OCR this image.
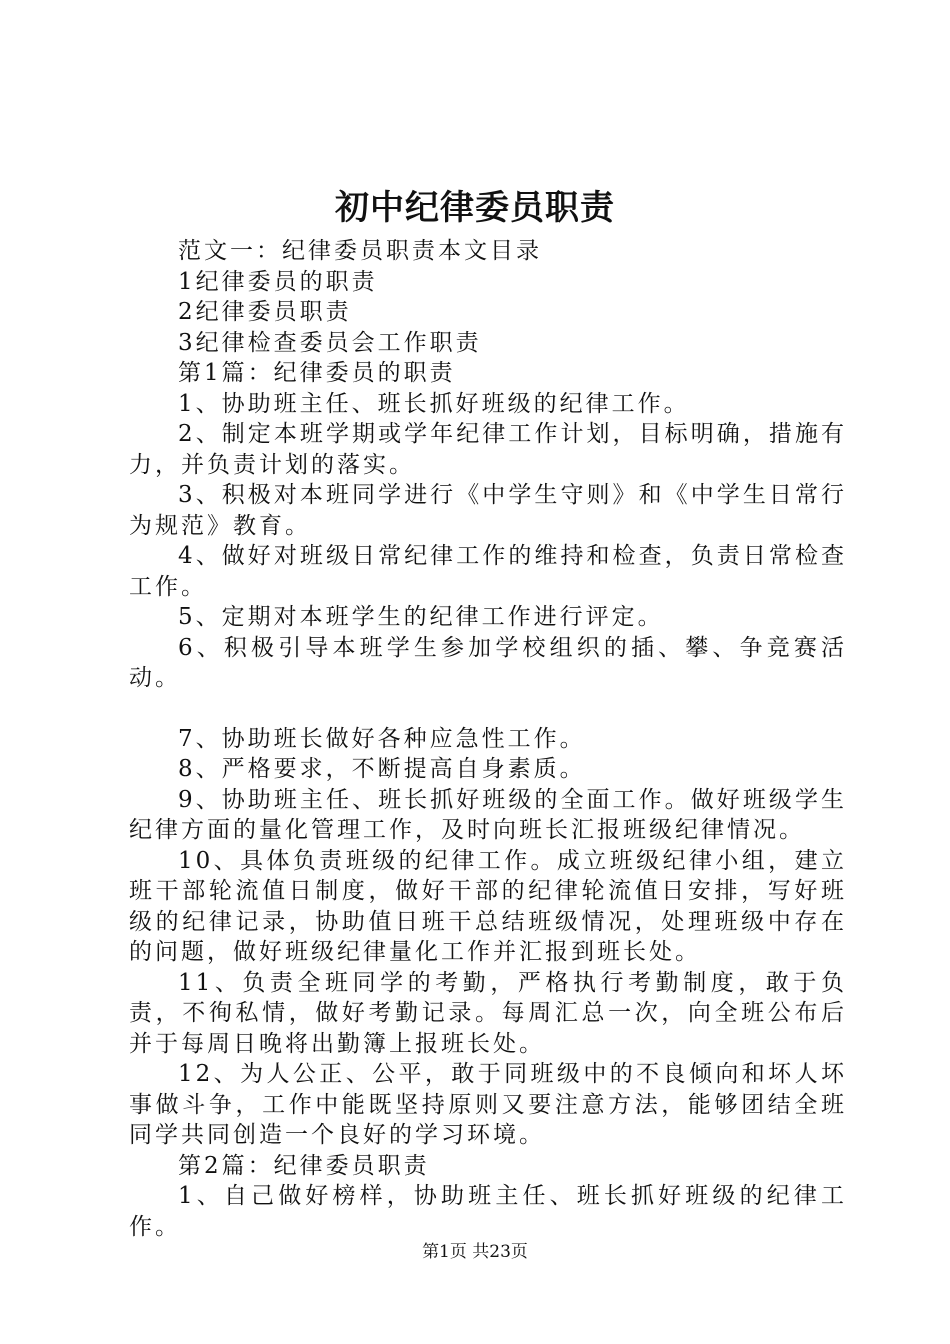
初中纪律委员职责

范文一：纪律委员职责本文目录

1纪律委员的职责

2纪律委员职责

3纪律检查委员会工作职责

第1篇：纪律委员的职责

1、协助班主任、班长抓好班级的纪律工作。

2、制定本班学期或学年纪律工作计划，目标明确，措施有力，并负责计划的落实。

3、积极对本班同学进行《中学生守则》和《中学生日常行为规范》教育。

4、做好对班级日常纪律工作的维持和检查，负责日常检查工作。

5、定期对本班学生的纪律工作进行评定。

6、积极引导本班学生参加学校组织的插、攀、争竞赛活动。

7、协助班长做好各种应急性工作。

8、严格要求，不断提高自身素质。

9、协助班主任、班长抓好班级的全面工作。做好班级学生纪律方面的量化管理工作，及时向班长汇报班级纪律情况。

10、具体负责班级的纪律工作。成立班级纪律小组，建立班干部轮流值日制度，做好干部的纪律轮流值日安排，写好班级的纪律记录，协助值日班干总结班级情况，处理班级中存在的问题，做好班级纪律量化工作并汇报到班长处。

11、负责全班同学的考勤，严格执行考勤制度，敢于负责，不徇私情，做好考勤记录。每周汇总一次，向全班公布后并于每周日晚将出勤簿上报班长处。

12、为人公正、公平，敢于同班级中的不良倾向和坏人坏事做斗争，工作中能既坚持原则又要注意方法，能够团结全班同学共同创造一个良好的学习环境。

第2篇：纪律委员职责

1、自己做好榜样，协助班主任、班长抓好班级的纪律工作。

第1页 共23页
